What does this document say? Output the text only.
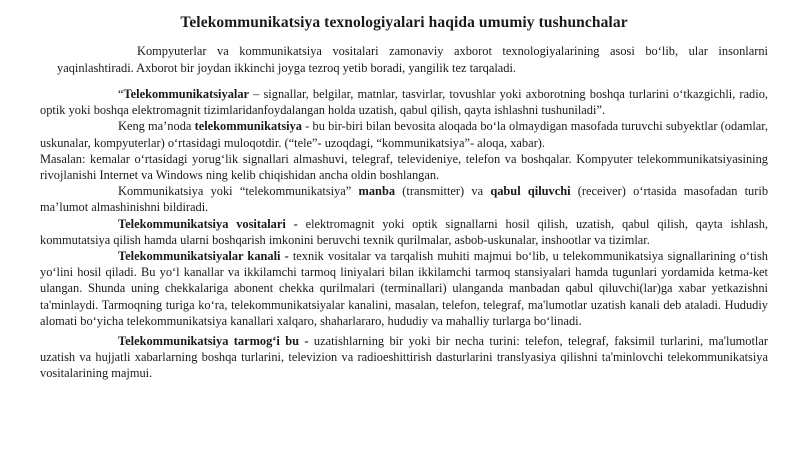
Telekommunikatsiya texnologiyalari haqida umumiy tushunchalar

Kompyuterlar va kommunikatsiya vositalari zamonaviy axborot texnologiyalarining asosi bo‘lib, ular insonlarni yaqinlashtiradi. Axborot bir joydan ikkinchi joyga tezroq yetib boradi, yangilik tez tarqaladi.

“Telekommunikatsiyalar – signallar, belgilar, matnlar, tasvirlar, tovushlar yoki axborotning boshqa turlarini o‘tkazgichli, radio, optik yoki boshqa elektromagnit tizimlaridanfoydalangan holda uzatish, qabul qilish, qayta ishlashni tushuniladi”.

Keng ma’noda telekommunikatsiya - bu bir-biri bilan bevosita aloqada bo‘la olmaydigan masofada turuvchi subyektlar (odamlar, uskunalar, kompyuterlar) o‘rtasidagi muloqotdir. (“tele”- uzoqdagi, “kommunikatsiya”- aloqa, xabar).

Masalan: kemalar o‘rtasidagi yorug‘lik signallari almashuvi, telegraf, televideniye, telefon va boshqalar. Kompyuter telekommunikatsiyasining rivojlanishi Internet va Windows ning kelib chiqishidan ancha oldin boshlangan.

Kommunikatsiya yoki “telekommunikatsiya” manba (transmitter) va qabul qiluvchi (receiver) o‘rtasida masofadan turib ma’lumot almashinishni bildiradi.

Telekommunikatsiya vositalari - elektromagnit yoki optik signallarni hosil qilish, uzatish, qabul qilish, qayta ishlash, kommutatsiya qilish hamda ularni boshqarish imkonini beruvchi texnik qurilmalar, asbob-uskunalar, inshootlar va tizimlar.

Telekommunikatsiyalar kanali - texnik vositalar va tarqalish muhiti majmui bo‘lib, u telekommunikatsiya signallarining o‘tish yo‘lini hosil qiladi. Bu yo‘l kanallar va ikkilamchi tarmoq liniyalari bilan ikkilamchi tarmoq stansiyalari hamda tugunlari yordamida ketma-ket ulangan. Shunda uning chekkalariga abonent chekka qurilmalari (terminallari) ulanganda manbadan qabul qiluvchi(lar)ga xabar yetkazishni ta'minlaydi. Tarmoqning turiga ko‘ra, telekommunikatsiyalar kanalini, masalan, telefon, telegraf, ma'lumotlar uzatish kanali deb ataladi. Hududiy alomati bo‘yicha telekommunikatsiya kanallari xalqaro, shaharlararo, hududiy va mahalliy turlarga bo‘linadi.

Telekommunikatsiya tarmog‘i bu - uzatishlarning bir yoki bir necha turini: telefon, telegraf, faksimil turlarini, ma'lumotlar uzatish va hujjatli xabarlarning boshqa turlarini, televizion va radioeshittirish dasturlarini translyasiya qilishni ta'minlovchi telekommunikatsiya vositalarining majmui.
